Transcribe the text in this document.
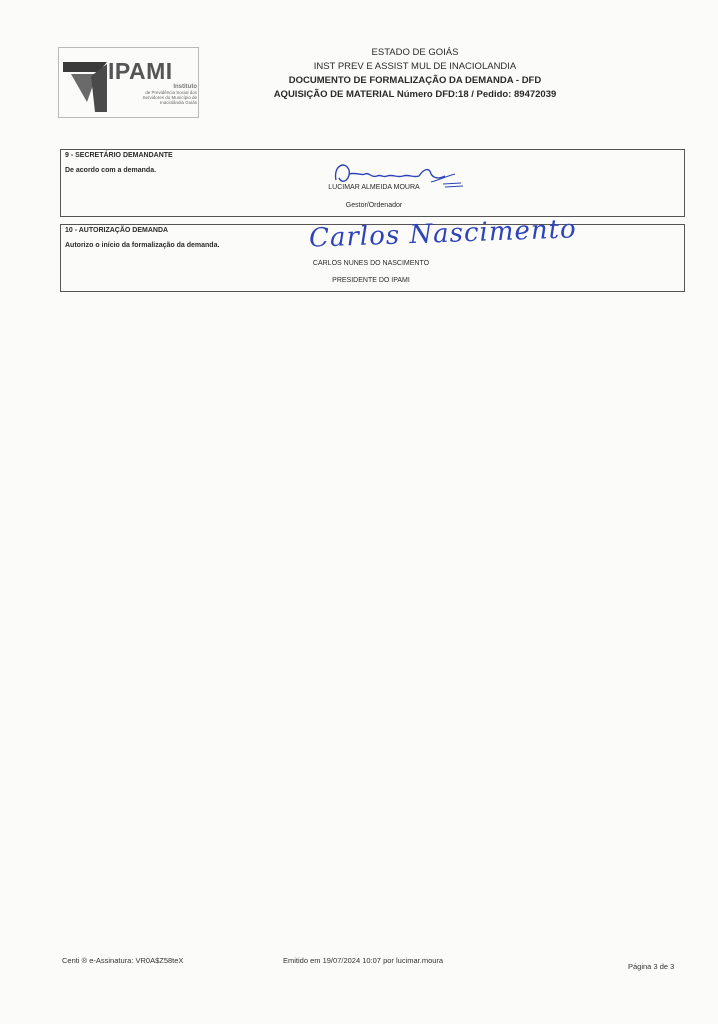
IPAMI
Instituto
de Previdência Social dos
Servidores do Município de
Inaciolândia Goiás
ESTADO DE GOIÁS
INST PREV E ASSIST MUL DE INACIOLANDIA
DOCUMENTO DE FORMALIZAÇÃO DA DEMANDA - DFD
AQUISIÇÃO DE MATERIAL Número DFD:18 / Pedido: 89472039
9 - SECRETÁRIO DEMANDANTE
De acordo com a demanda.
LUCIMAR ALMEIDA MOURA
Gestor/Ordenador
10 - AUTORIZAÇÃO DEMANDA
Autorizo o início da formalização da demanda.	Carlos Nascimento
CARLOS NUNES DO NASCIMENTO
PRESIDENTE DO IPAMI
Centi ® e-Assinatura: VR0A$Z58teX	Emitido em 19/07/2024 10:07 por lucimar.moura
Página 3 de 3
